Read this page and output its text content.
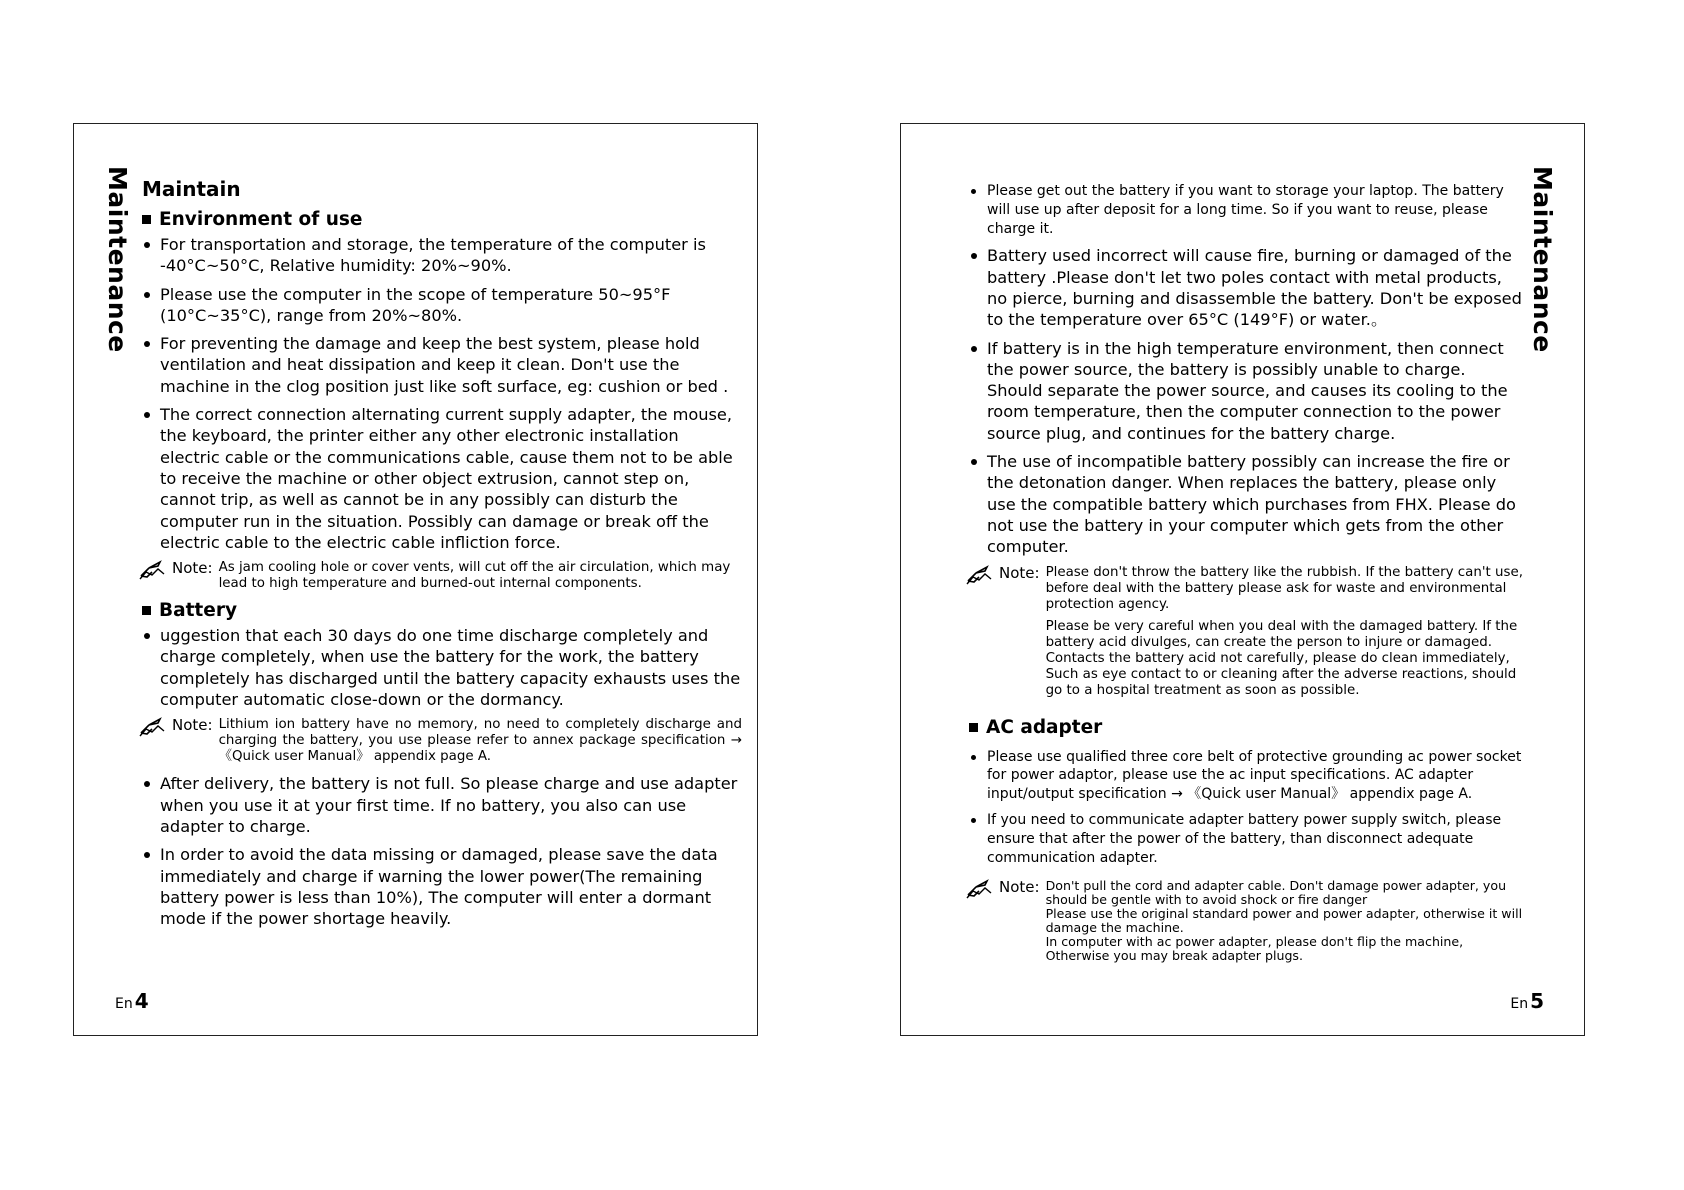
Maintenance Maintain
Environment of use
For transportation and storage, the temperature of the computer is -40°C~50°C, Relative humidity: 20%~90%.
Please use the computer in the scope of temperature 50~95°F (10°C~35°C), range from 20%~80%.
For preventing the damage and keep the best system, please hold ventilation and heat dissipation and keep it clean. Don't use the machine in the clog position just like soft surface, eg: cushion or bed .
The correct connection alternating current supply adapter, the mouse, the keyboard, the printer either any other electronic installation electric cable or the communications cable, cause them not to be able to receive the machine or other object extrusion, cannot step on, cannot trip, as well as cannot be in any possibly can disturb the computer run in the situation. Possibly can damage or break off the electric cable to the electric cable infliction force.
Note: As jam cooling hole or cover vents, will cut off the air circulation, which may lead to high temperature and burned-out internal components.

Battery
uggestion that each 30 days do one time discharge completely and charge completely, when use the battery for the work, the battery completely has discharged until the battery capacity exhausts uses the computer automatic close-down or the dormancy.
Note: Lithium ion battery have no memory, no need to completely discharge and charging the battery, you use please refer to annex package specification → 《Quick user Manual》 appendix page A.

After delivery, the battery is not full. So please charge and use adapter when you use it at your first time. If no battery, you also can use adapter to charge.
In order to avoid the data missing or damaged, please save the data immediately and charge if warning the lower power(The remaining battery power is less than 10%), The computer will enter a dormant mode if the power shortage heavily.
En 4
Maintenance
Please get out the battery if you want to storage your laptop. The battery will use up after deposit for a long time. So if you want to reuse, please charge it.
Battery used incorrect will cause fire, burning or damaged of the battery .Please don't let two poles contact with metal products, no pierce, burning and disassemble the battery. Don't be exposed to the temperature over 65°C (149°F) or water.。
If battery is in the high temperature environment, then connect the power source, the battery is possibly unable to charge. Should separate the power source, and causes its cooling to the room temperature, then the computer connection to the power source plug, and continues for the battery charge.
The use of incompatible battery possibly can increase the fire or the detonation danger. When replaces the battery, please only use the compatible battery which purchases from FHX. Please do not use the battery in your computer which gets from the other computer.
Note: Please don't throw the battery like the rubbish. If the battery can't use, before deal with the battery please ask for waste and environmental protection agency.

Please be very careful when you deal with the damaged battery. If the battery acid divulges, can create the person to injure or damaged. Contacts the battery acid not carefully, please do clean immediately, Such as eye contact to or cleaning after the adverse reactions, should go to a hospital treatment as soon as possible.

AC adapter
Please use qualified three core belt of protective grounding ac power socket for power adaptor, please use the ac input specifications. AC adapter input/output specification → 《Quick user Manual》 appendix page A.
If you need to communicate adapter battery power supply switch, please ensure that after the power of the battery, than disconnect adequate communication adapter.
Note: Don't pull the cord and adapter cable. Don't damage power adapter, you should be gentle with to avoid shock or fire danger

Please use the original standard power and power adapter, otherwise it will damage the machine.

In computer with ac power adapter, please don't flip the machine, Otherwise you may break adapter plugs.

En 5
